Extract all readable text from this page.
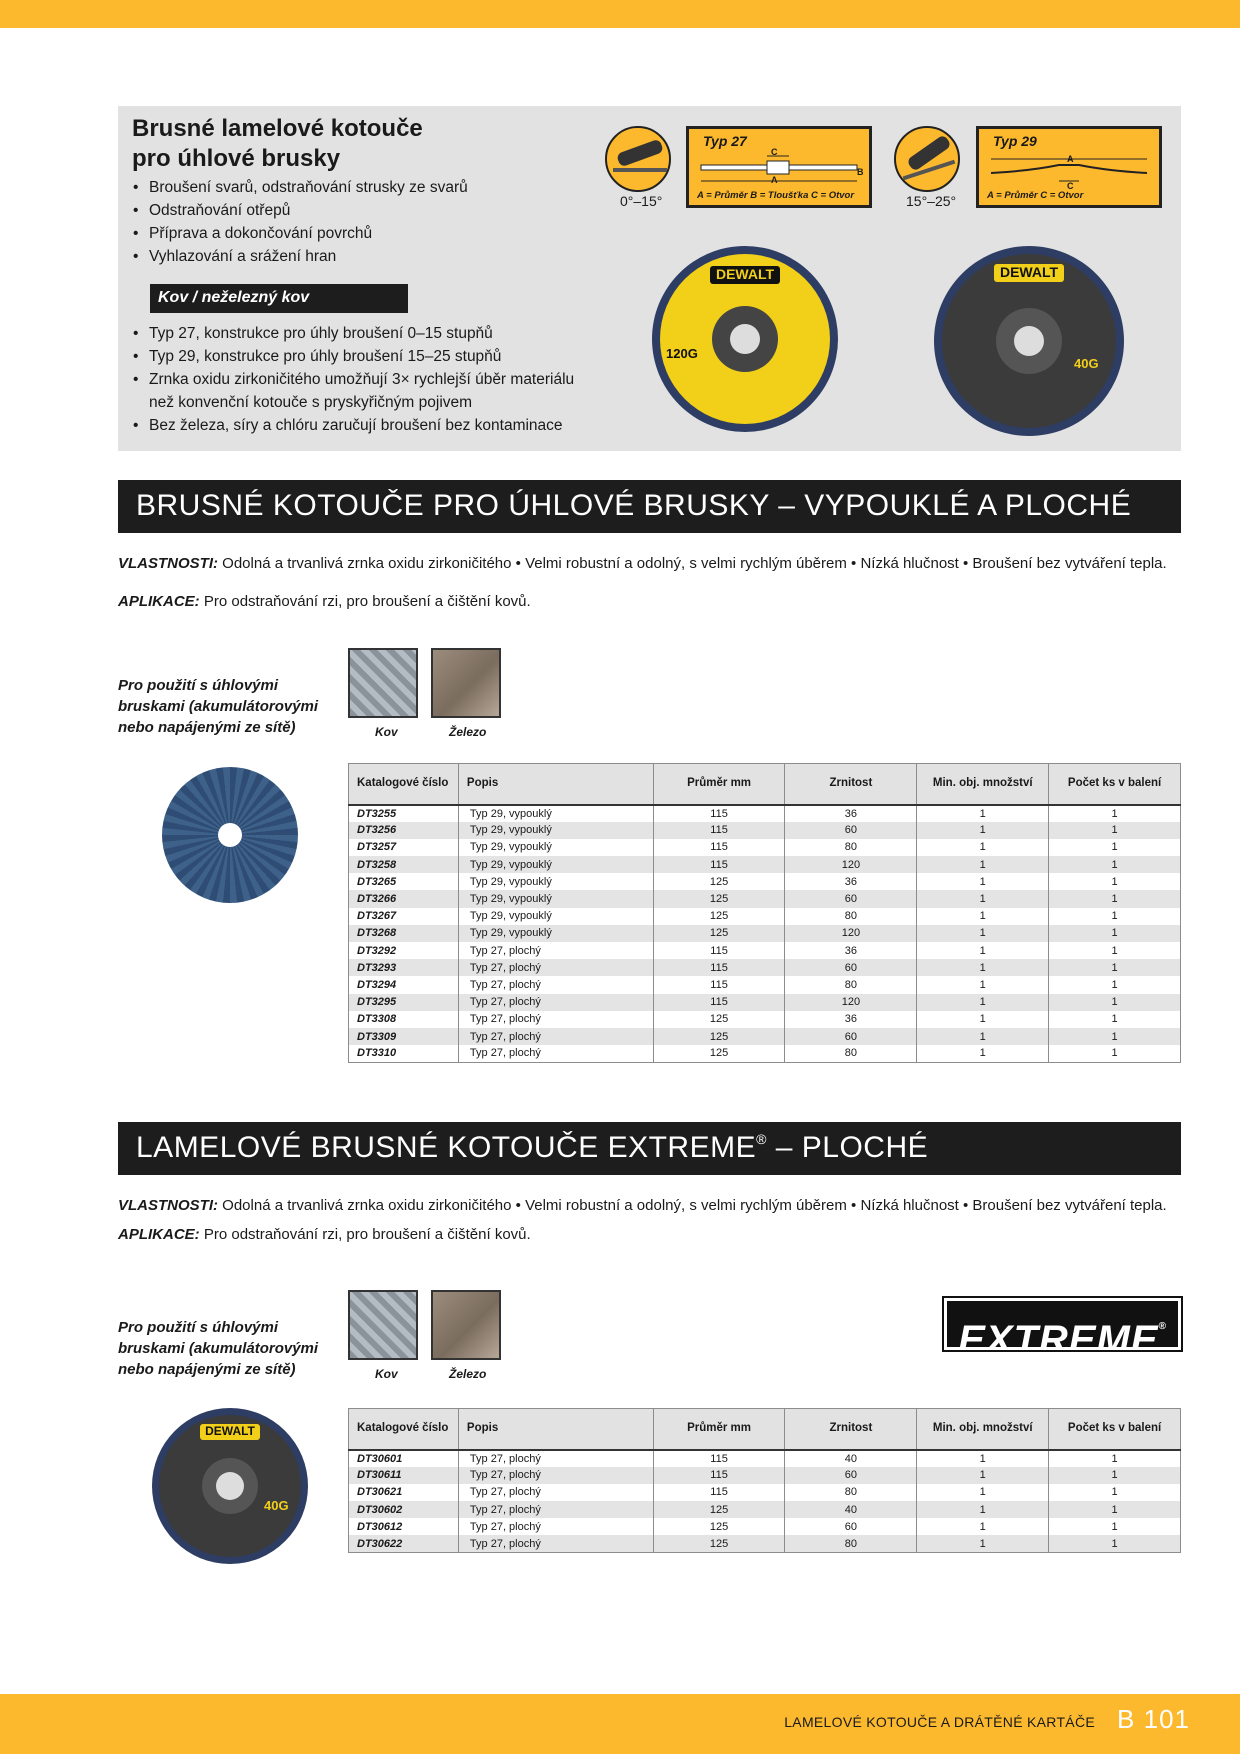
Brusné lamelové kotouče
pro úhlové brusky
• Broušení svarů, odstraňování strusky ze svarů
• Odstraňování otřepů
• Příprava a dokončování povrchů
• Vyhlazování a srážení hran
Kov / neželezný kov
• Typ 27, konstrukce pro úhly broušení 0–15 stupňů
• Typ 29, konstrukce pro úhly broušení 15–25 stupňů
• Zrnka oxidu zirkoničitého umožňují 3× rychlejší úběr materiálu než konvenční kotouče s pryskyřičným pojivem
• Bez železa, síry a chlóru zaručují broušení bez kontaminace
0°–15°
Typ 27
C
B
A
A = Průměr B = Tloušťka C = Otvor	15°–25°
Typ 29
A
C
A = Průměr C = Otvor
DEWALT
120G
DEWALT
40G
BRUSNÉ KOTOUČE PRO ÚHLOVÉ BRUSKY – VYPOUKLÉ A PLOCHÉ
VLASTNOSTI: Odolná a trvanlivá zrnka oxidu zirkoničitého • Velmi robustní a odolný, s velmi rychlým úběrem • Nízká hlučnost • Broušení bez vytváření tepla.
APLIKACE: Pro odstraňování rzi, pro broušení a čištění kovů.
Pro použití s úhlovými bruskami (akumulátorovými nebo napájenými ze sítě)	Kov	Železo
Katalogové číslo	Popis	Průměr mm	Zrnitost	Min. obj. množství	Počet ks v balení
DT3255	Typ 29, vypouklý	115	36	1	1
DT3256	Typ 29, vypouklý	115	60	1	1
DT3257	Typ 29, vypouklý	115	80	1	1
DT3258	Typ 29, vypouklý	115	120	1	1
DT3265	Typ 29, vypouklý	125	36	1	1
DT3266	Typ 29, vypouklý	125	60	1	1
DT3267	Typ 29, vypouklý	125	80	1	1
DT3268	Typ 29, vypouklý	125	120	1	1
DT3292	Typ 27, plochý	115	36	1	1
DT3293	Typ 27, plochý	115	60	1	1
DT3294	Typ 27, plochý	115	80	1	1
DT3295	Typ 27, plochý	115	120	1	1
DT3308	Typ 27, plochý	125	36	1	1
DT3309	Typ 27, plochý	125	60	1	1
DT3310	Typ 27, plochý	125	80	1	1
LAMELOVÉ BRUSNÉ KOTOUČE EXTREME® – PLOCHÉ
VLASTNOSTI: Odolná a trvanlivá zrnka oxidu zirkoničitého • Velmi robustní a odolný, s velmi rychlým úběrem • Nízká hlučnost • Broušení bez vytváření tepla.
APLIKACE: Pro odstraňování rzi, pro broušení a čištění kovů.
Pro použití s úhlovými bruskami (akumulátorovými nebo napájenými ze sítě)	Kov	Železo
EXTREME®
DEWALT
40G
Katalogové číslo	Popis	Průměr mm	Zrnitost	Min. obj. množství	Počet ks v balení
DT30601	Typ 27, plochý	115	40	1	1
DT30611	Typ 27, plochý	115	60	1	1
DT30621	Typ 27, plochý	115	80	1	1
DT30602	Typ 27, plochý	125	40	1	1
DT30612	Typ 27, plochý	125	60	1	1
DT30622	Typ 27, plochý	125	80	1	1
LAMELOVÉ KOTOUČE A DRÁTĚNÉ KARTÁČE B 101
